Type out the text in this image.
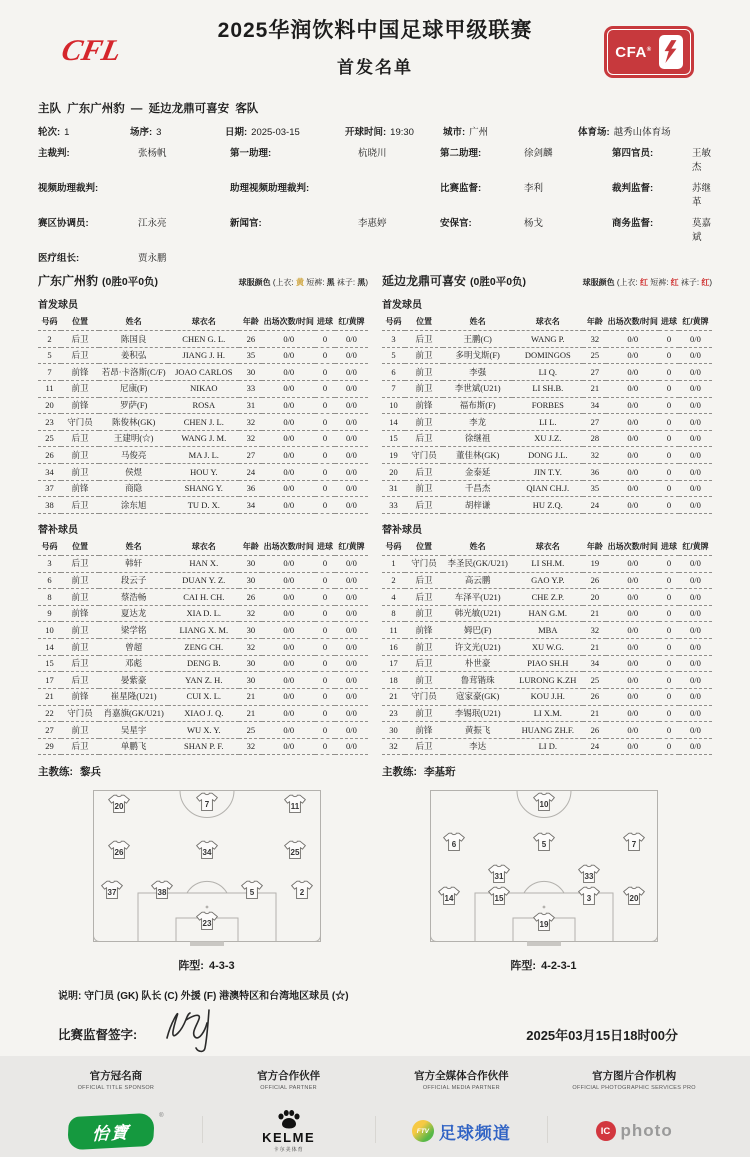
CFL
2025华润饮料中国足球甲级联赛
首发名单
CFA®
主队 广东广州豹 — 延边龙鼎可喜安 客队
轮次: 1	场序: 3	日期: 2025-03-15	开球时间: 19:30	城市: 广州	体育场: 越秀山体育场
主裁判:	张杨帆	第一助理:	杭晓川	第二助理:	徐剑麟	第四官员:	王敏杰
视频助理裁判:	助理视频助理裁判:	比赛监督:	李利	裁判监督:	苏继革
赛区协调员:	江永亮	新闻官:	李惠婷	安保官:	杨戈	商务监督:	莫嘉斌
医疗组长:	贾永鹏
广东广州豹 (0胜0平0负)	球服颜色 (上衣: 黄 短裤: 黑 袜子: 黑)
首发球员
号码	位置	姓名	球衣名	年龄	出场次数/时间	进球	红/黄牌
2	后卫	陈国良	CHEN G. L.	26	0/0	0	0/0
5	后卫	姜积弘	JIANG J. H.	35	0/0	0	0/0
7	前锋	若昂·卡洛斯(C/F)	JOAO CARLOS	30	0/0	0	0/0
11	前卫	尼康(F)	NIKAO	33	0/0	0	0/0
20	前锋	罗萨(F)	ROSA	31	0/0	0	0/0
23	守门员	陈俊林(GK)	CHEN J. L.	32	0/0	0	0/0
25	后卫	王建明(☆)	WANG J. M.	32	0/0	0	0/0
26	前卫	马俊亮	MA J. L.	27	0/0	0	0/0
34	前卫	侯煜	HOU Y.	24	0/0	0	0/0
37	前锋	商隐	SHANG Y.	36	0/0	0	0/0
38	后卫	涂东旭	TU D. X.	34	0/0	0	0/0
替补球员
号码	位置	姓名	球衣名	年龄	出场次数/时间	进球	红/黄牌
3	后卫	韩轩	HAN X.	30	0/0	0	0/0
6	前卫	段云子	DUAN Y. Z.	30	0/0	0	0/0
8	前卫	蔡浩畅	CAI H. CH.	26	0/0	0	0/0
9	前锋	夏达龙	XIA D. L.	32	0/0	0	0/0
10	前卫	梁学铭	LIANG X. M.	30	0/0	0	0/0
14	前卫	曾超	ZENG CH.	32	0/0	0	0/0
15	后卫	邓彪	DENG B.	30	0/0	0	0/0
17	后卫	晏紫豪	YAN Z. H.	30	0/0	0	0/0
21	前锋	崔星隆(U21)	CUI X. L.	21	0/0	0	0/0
22	守门员	肖嘉旗(GK/U21)	XIAO J. Q.	21	0/0	0	0/0
27	前卫	吴星宇	WU X. Y.	25	0/0	0	0/0
29	后卫	单鹏飞	SHAN P. F.	32	0/0	0	0/0
主教练: 黎兵
延边龙鼎可喜安 (0胜0平0负)	球服颜色 (上衣: 红 短裤: 红 袜子: 红)
首发球员
号码	位置	姓名	球衣名	年龄	出场次数/时间	进球	红/黄牌
3	后卫	王鹏(C)	WANG P.	32	0/0	0	0/0
5	前卫	多明戈斯(F)	DOMINGOS	25	0/0	0	0/0
6	前卫	李强	LI Q.	27	0/0	0	0/0
7	前卫	李世斌(U21)	LI SH.B.	21	0/0	0	0/0
10	前锋	福布斯(F)	FORBES	34	0/0	0	0/0
14	前卫	李龙	LI L.	27	0/0	0	0/0
15	后卫	徐继祖	XU J.Z.	28	0/0	0	0/0
19	守门员	董佳林(GK)	DONG J.L.	32	0/0	0	0/0
20	后卫	金泰延	JIN T.Y.	36	0/0	0	0/0
31	前卫	千昌杰	QIAN CH.J.	35	0/0	0	0/0
33	后卫	胡梓谦	HU Z.Q.	24	0/0	0	0/0
替补球员
号码	位置	姓名	球衣名	年龄	出场次数/时间	进球	红/黄牌
1	守门员	李圣民(GK/U21)	LI SH.M.	19	0/0	0	0/0
2	后卫	高云鹏	GAO Y.P.	26	0/0	0	0/0
4	后卫	车泽平(U21)	CHE Z.P.	20	0/0	0	0/0
8	前卫	韩光敏(U21)	HAN G.M.	21	0/0	0	0/0
11	前锋	姆巴(F)	MBA	32	0/0	0	0/0
16	前卫	许文光(U21)	XU W.G.	21	0/0	0	0/0
17	后卫	朴世豪	PIAO SH.H	34	0/0	0	0/0
18	前卫	鲁茸锴珠	LURONG K.ZH	25	0/0	0	0/0
21	守门员	寇家豪(GK)	KOU J.H.	26	0/0	0	0/0
23	前卫	李锡珉(U21)	LI X.M.	21	0/0	0	0/0
30	前锋	黄振飞	HUANG ZH.F.	26	0/0	0	0/0
32	后卫	李达	LI D.	24	0/0	0	0/0
主教练: 李基珩
20	7	11
26	34	25
37	38	5	2
23
阵型: 4-3-3
10
6	5	7
31	33
14	15	3	20
19
阵型: 4-2-3-1
说明: 守门员 (GK) 队长 (C) 外援 (F) 港澳特区和台湾地区球员 (☆)
比赛监督签字:	2025年03月15日18时00分
官方冠名商
OFFICIAL TITLE SPONSOR
怡寶
®
官方合作伙伴
OFFICIAL PARTNER
KELME
卡尔美体育
官方全媒体合作伙伴
OFFICIAL MEDIA PARTNER
FTV 足球频道
官方图片合作机构
OFFICIAL PHOTOGRAPHIC SERVICES PRO
IC photo
